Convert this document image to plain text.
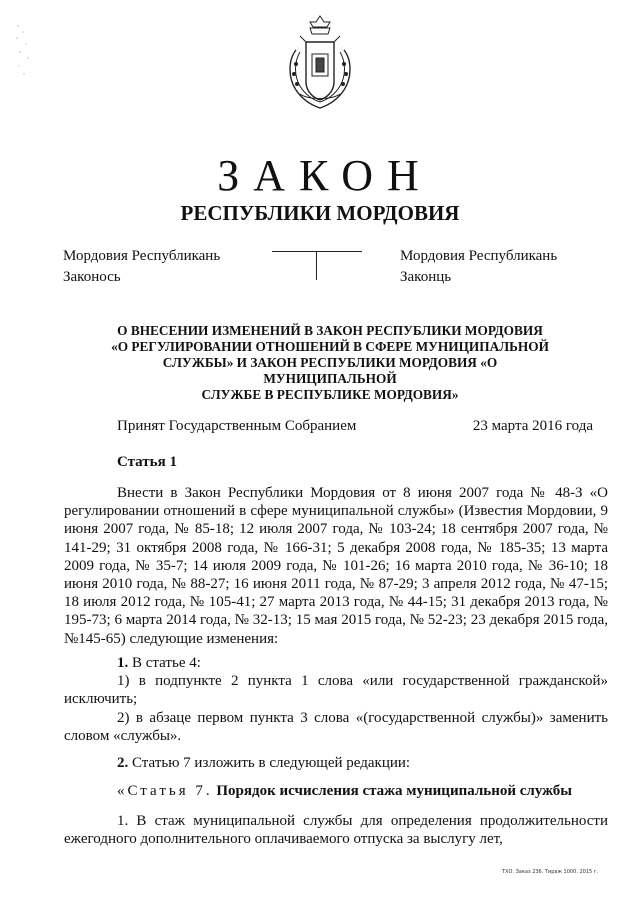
ЗАКОН
РЕСПУБЛИКИ МОРДОВИЯ
Мордовия Республикань
Законось
Мордовия Республикань
Законць
О ВНЕСЕНИИ ИЗМЕНЕНИЙ В ЗАКОН РЕСПУБЛИКИ МОРДОВИЯ
«О РЕГУЛИРОВАНИИ ОТНОШЕНИЙ В СФЕРЕ МУНИЦИПАЛЬНОЙ
СЛУЖБЫ» И ЗАКОН РЕСПУБЛИКИ МОРДОВИЯ «О МУНИЦИПАЛЬНОЙ
СЛУЖБЕ В РЕСПУБЛИКЕ МОРДОВИЯ»
Принят Государственным Собранием	23 марта 2016 года
Статья 1
Внести в Закон Республики Мордовия от 8 июня 2007 года № 48-З «О регулировании отношений в сфере муниципальной службы» (Известия Мордовии, 9 июня 2007 года, № 85-18; 12 июля 2007 года, № 103-24; 18 сентября 2007 года, № 141-29; 31 октября 2008 года, № 166-31; 5 декабря 2008 года, № 185-35; 13 марта 2009 года, № 35-7; 14 июля 2009 года, № 101-26; 16 марта 2010 года, № 36-10; 18 июня 2010 года, № 88-27; 16 июня 2011 года, № 87-29; 3 апреля 2012 года, № 47-15; 18 июля 2012 года, № 105-41; 27 марта 2013 года, № 44-15; 31 декабря 2013 года, № 195-73; 6 марта 2014 года, № 32-13; 15 мая 2015 года, № 52-23; 23 декабря 2015 года, №145-65) следующие изменения:
1. В статье 4:
1) в подпункте 2 пункта 1 слова «или государственной гражданской» исключить;
2) в абзаце первом пункта 3 слова «(государственной службы)» заменить словом «службы».
2. Статью 7 изложить в следующей редакции:
«Статья 7. Порядок исчисления стажа муниципальной службы
1. В стаж муниципальной службы для определения продолжительности ежегодного дополнительного оплачиваемого отпуска за выслугу лет,
ТХО. Заказ 236. Тираж 1000. 2015 г.
